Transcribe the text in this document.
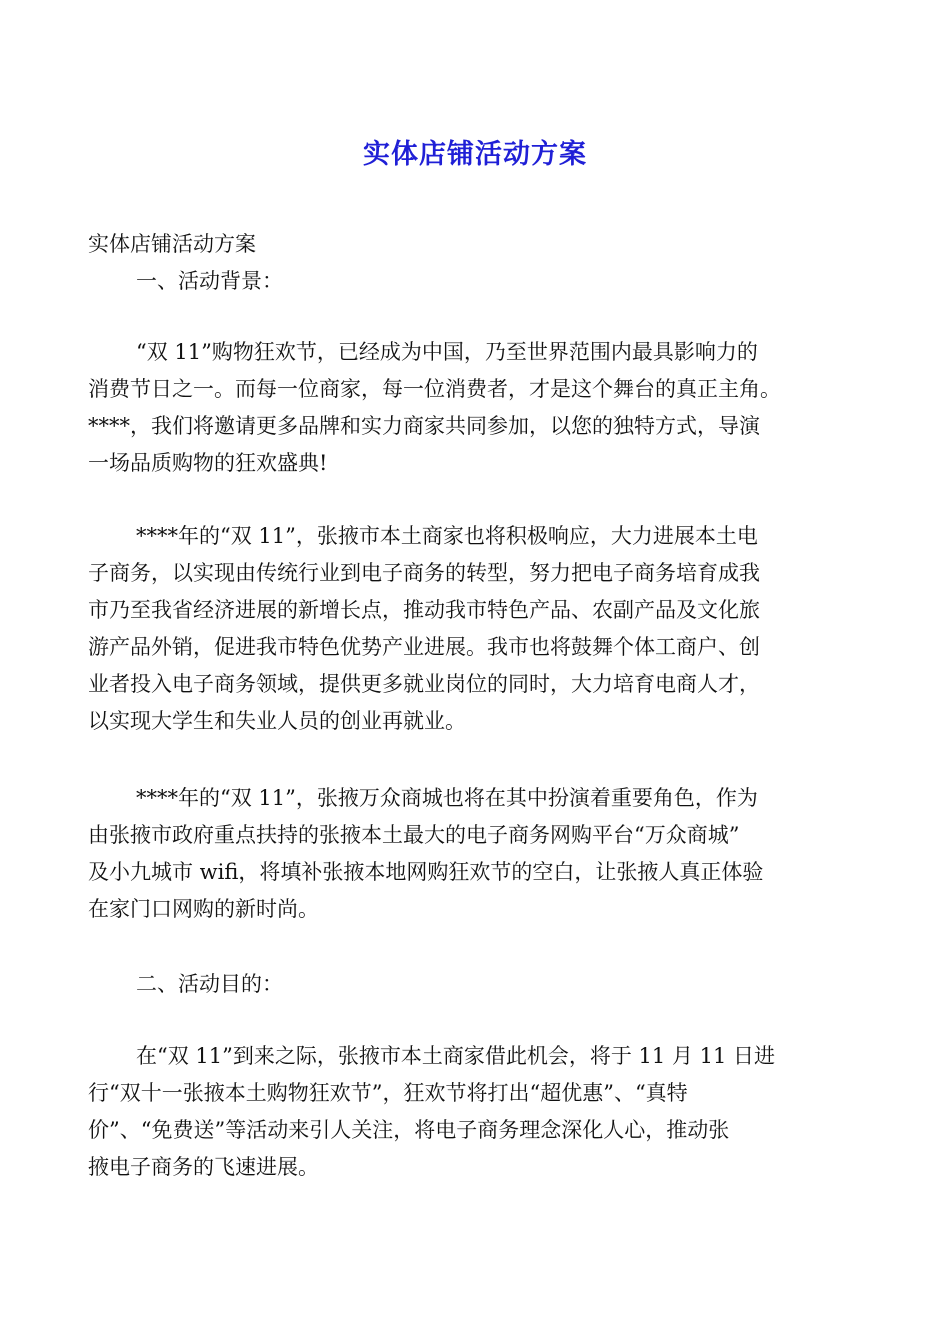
实体店铺活动方案
实体店铺活动方案
一、活动背景：
“双 11”购物狂欢节，已经成为中国，乃至世界范围内最具影响力的
消费节日之一。而每一位商家，每一位消费者，才是这个舞台的真正主角。
****，我们将邀请更多品牌和实力商家共同参加，以您的独特方式，导演
一场品质购物的狂欢盛典!
****年的“双 11”，张掖市本土商家也将积极响应，大力进展本土电
子商务，以实现由传统行业到电子商务的转型，努力把电子商务培育成我
市乃至我省经济进展的新增长点，推动我市特色产品、农副产品及文化旅
游产品外销，促进我市特色优势产业进展。我市也将鼓舞个体工商户、创
业者投入电子商务领域，提供更多就业岗位的同时，大力培育电商人才，
以实现大学生和失业人员的创业再就业。
****年的“双 11”，张掖万众商城也将在其中扮演着重要角色，作为
由张掖市政府重点扶持的张掖本土最大的电子商务网购平台“万众商城”
及小九城市 wifi，将填补张掖本地网购狂欢节的空白，让张掖人真正体验
在家门口网购的新时尚。
二、活动目的：
在“双 11”到来之际，张掖市本土商家借此机会，将于 11 月 11 日进
行“双十一张掖本土购物狂欢节”，狂欢节将打出“超优惠”、“真特
价”、“免费送”等活动来引人关注，将电子商务理念深化人心，推动张
掖电子商务的飞速进展。
